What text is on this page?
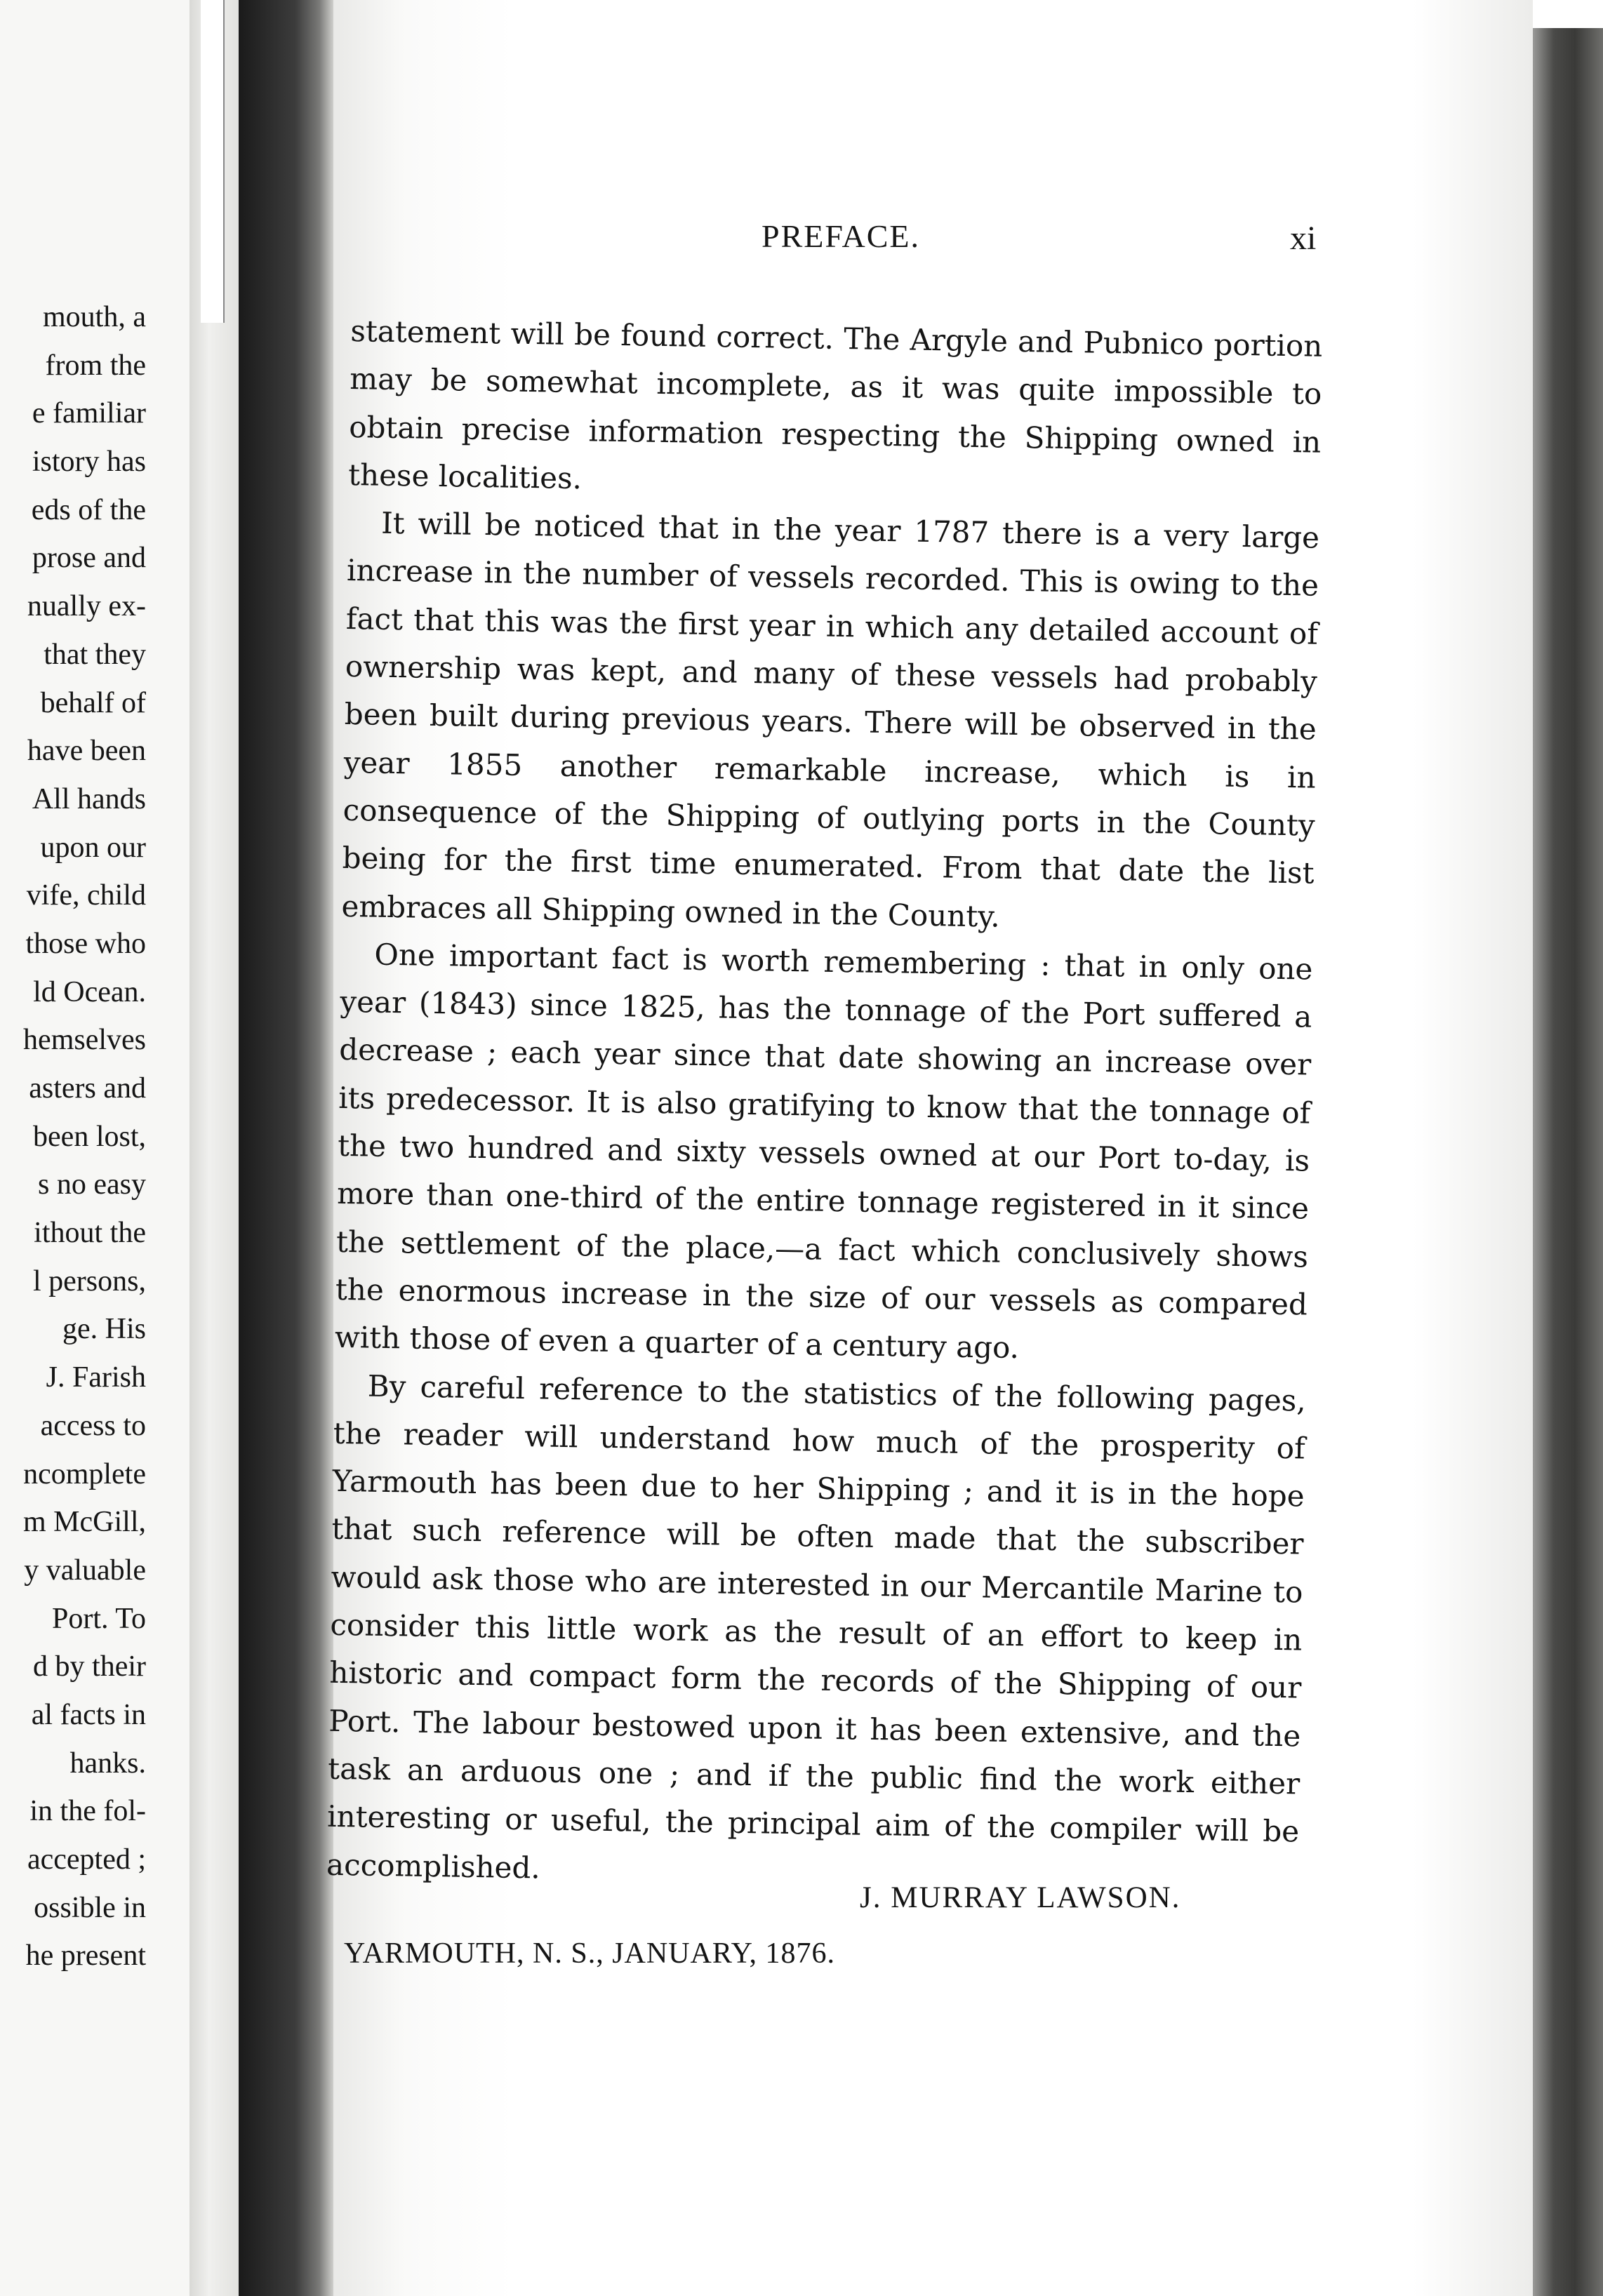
mouth, a
from the
e familiar
istory has
eds of the
prose and
nually ex-
that they
behalf of
have been
All hands
upon our
vife, child
those who
ld Ocean.
hemselves
asters and
been lost,
s no easy
ithout the
l persons,
ge. His
J. Farish
access to
ncomplete
m McGill,
y valuable
Port. To
d by their
al facts in
hanks.
in the fol-
accepted ;
ossible in
he present
PREFACE.	xi

statement will be found correct. The Argyle and Pubnico portion may be somewhat incomplete, as it was quite impossible to obtain precise information respecting the Shipping owned in these localities.

It will be noticed that in the year 1787 there is a very large increase in the number of vessels recorded. This is owing to the fact that this was the first year in which any detailed account of ownership was kept, and many of these vessels had probably been built during previous years. There will be observed in the year 1855 another remarkable increase, which is in consequence of the Shipping of outlying ports in the County being for the first time enumerated. From that date the list embraces all Shipping owned in the County.

One important fact is worth remembering : that in only one year (1843) since 1825, has the tonnage of the Port suffered a decrease ; each year since that date showing an increase over its predecessor. It is also gratifying to know that the tonnage of the two hundred and sixty vessels owned at our Port to-day, is more than one-third of the entire tonnage registered in it since the settlement of the place,—a fact which conclusively shows the enormous increase in the size of our vessels as compared with those of even a quarter of a century ago.

By careful reference to the statistics of the following pages, the reader will understand how much of the prosperity of Yarmouth has been due to her Shipping ; and it is in the hope that such reference will be often made that the subscriber would ask those who are interested in our Mercantile Marine to consider this little work as the result of an effort to keep in historic and compact form the records of the Shipping of our Port. The labour bestowed upon it has been extensive, and the task an arduous one ; and if the public find the work either interesting or useful, the principal aim of the compiler will be accomplished.

J. MURRAY LAWSON.
YARMOUTH, N. S., JANUARY, 1876.
